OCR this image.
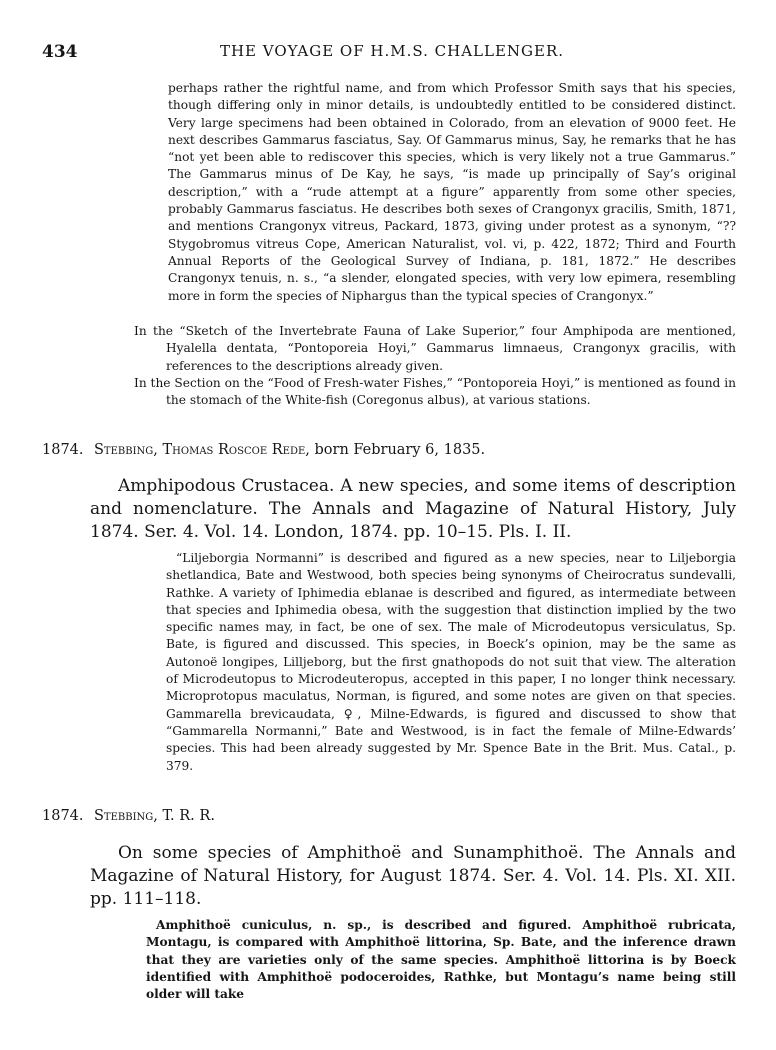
434	THE VOYAGE OF H.M.S. CHALLENGER.

perhaps rather the rightful name, and from which Professor Smith says that his species, though differing only in minor details, is undoubtedly entitled to be considered distinct. Very large specimens had been obtained in Colorado, from an elevation of 9000 feet. He next describes Gammarus fasciatus, Say. Of Gammarus minus, Say, he remarks that he has “not yet been able to rediscover this species, which is very likely not a true Gammarus.” The Gammarus minus of De Kay, he says, “is made up principally of Say’s original description,” with a “rude attempt at a figure” apparently from some other species, probably Gammarus fasciatus. He describes both sexes of Crangonyx gracilis, Smith, 1871, and mentions Crangonyx vitreus, Packard, 1873, giving under protest as a synonym, “?? Stygobromus vitreus Cope, American Naturalist, vol. vi, p. 422, 1872; Third and Fourth Annual Reports of the Geological Survey of Indiana, p. 181, 1872.” He describes Crangonyx tenuis, n. s., “a slender, elongated species, with very low epimera, resembling more in form the species of Niphargus than the typical species of Crangonyx.”

In the “Sketch of the Invertebrate Fauna of Lake Superior,” four Amphipoda are mentioned, Hyalella dentata, “Pontoporeia Hoyi,” Gammarus limnaeus, Crangonyx gracilis, with references to the descriptions already given.

In the Section on the “Food of Fresh-water Fishes,” “Pontoporeia Hoyi,” is mentioned as found in the stomach of the White-fish (Coregonus albus), at various stations.

1874. Stebbing, Thomas Roscoe Rede, born February 6, 1835.

Amphipodous Crustacea. A new species, and some items of description and nomenclature. The Annals and Magazine of Natural History, July 1874. Ser. 4. Vol. 14. London, 1874. pp. 10–15. Pls. I. II.

“Liljeborgia Normanni” is described and figured as a new species, near to Liljeborgia shetlandica, Bate and Westwood, both species being synonyms of Cheirocratus sundevalli, Rathke. A variety of Iphimedia eblanae is described and figured, as intermediate between that species and Iphimedia obesa, with the suggestion that distinction implied by the two specific names may, in fact, be one of sex. The male of Microdeutopus versiculatus, Sp. Bate, is figured and discussed. This species, in Boeck’s opinion, may be the same as Autonoë longipes, Lilljeborg, but the first gnathopods do not suit that view. The alteration of Microdeutopus to Microdeuteropus, accepted in this paper, I no longer think necessary. Microprotopus maculatus, Norman, is figured, and some notes are given on that species. Gammarella brevicaudata, ♀, Milne-Edwards, is figured and discussed to show that “Gammarella Normanni,” Bate and Westwood, is in fact the female of Milne-Edwards’ species. This had been already suggested by Mr. Spence Bate in the Brit. Mus. Catal., p. 379.

1874. Stebbing, T. R. R.

On some species of Amphithoë and Sunamphithoë. The Annals and Magazine of Natural History, for August 1874. Ser. 4. Vol. 14. Pls. XI. XII. pp. 111–118.

Amphithoë cuniculus, n. sp., is described and figured. Amphithoë rubricata, Montagu, is compared with Amphithoë littorina, Sp. Bate, and the inference drawn that they are varieties only of the same species. Amphithoë littorina is by Boeck identified with Amphithoë podoceroides, Rathke, but Montagu’s name being still older will take
